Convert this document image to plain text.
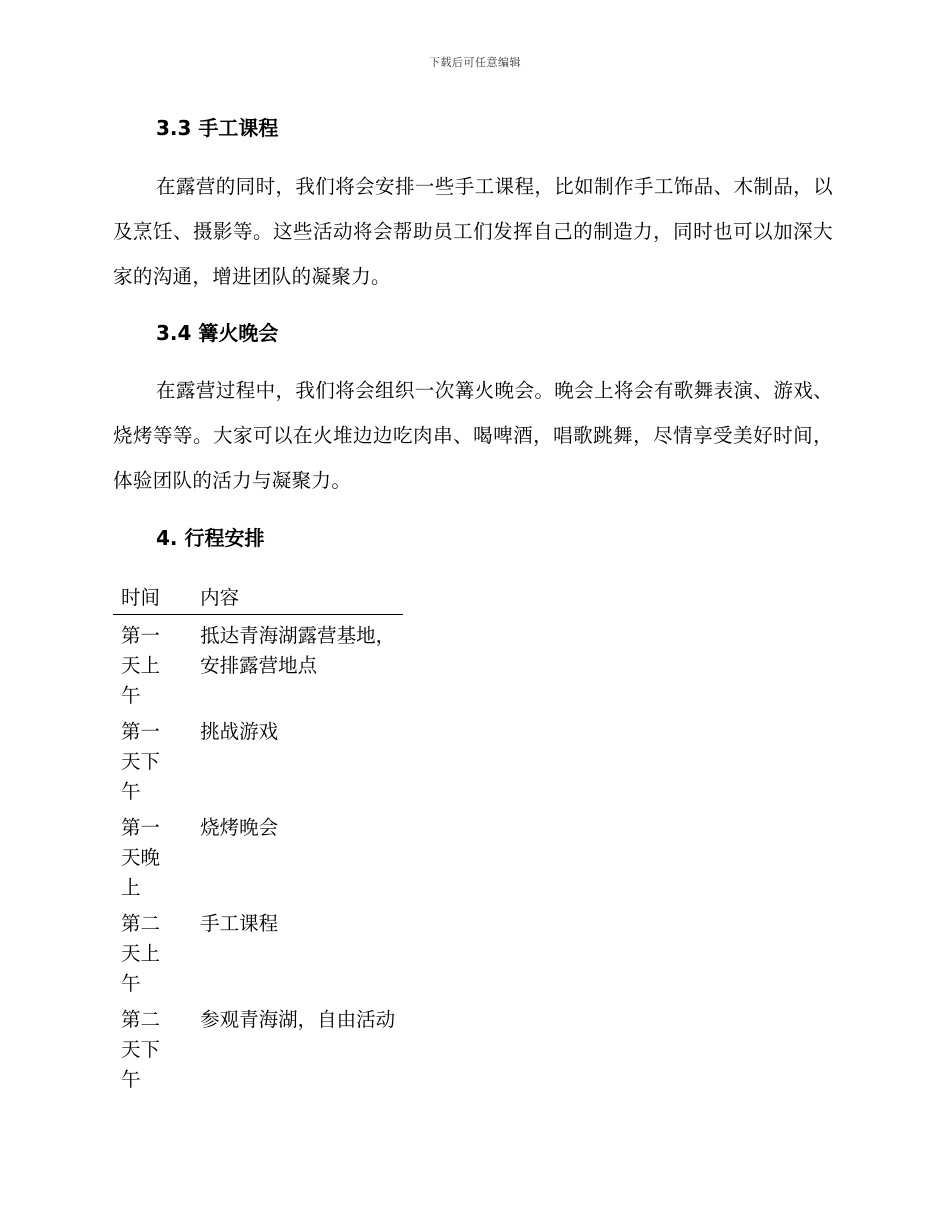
下载后可任意编辑
3.3 手工课程
在露营的同时，我们将会安排一些手工课程，比如制作手工饰品、木制品，以及烹饪、摄影等。这些活动将会帮助员工们发挥自己的制造力，同时也可以加深大家的沟通，增进团队的凝聚力。
3.4 篝火晚会
在露营过程中，我们将会组织一次篝火晚会。晚会上将会有歌舞表演、游戏、烧烤等等。大家可以在火堆边边吃肉串、喝啤酒，唱歌跳舞，尽情享受美好时间，体验团队的活力与凝聚力。
4. 行程安排
时间	内容
第一天上午	抵达青海湖露营基地，安排露营地点
第一天下午	挑战游戏
第一天晚上	烧烤晚会
第二天上午	手工课程
第二天下午	参观青海湖，自由活动
